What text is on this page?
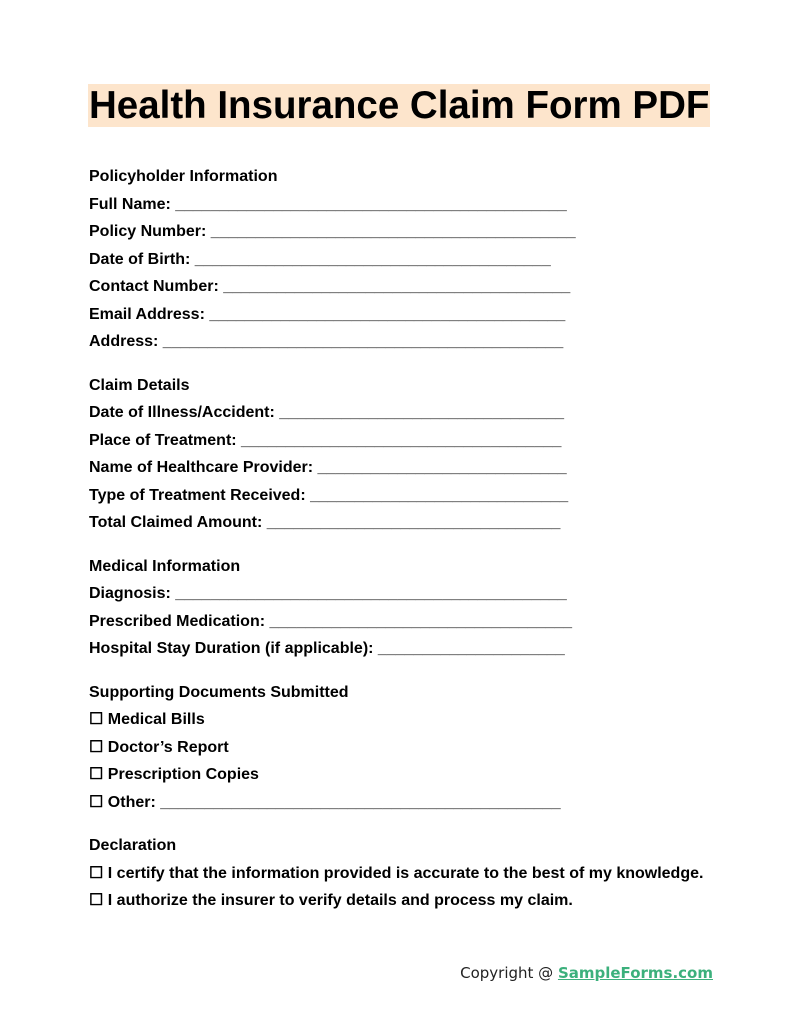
Health Insurance Claim Form PDF

Policyholder Information

Full Name: ____________________________________________

Policy Number: _________________________________________

Date of Birth: ________________________________________

Contact Number: _______________________________________

Email Address: ________________________________________

Address: _____________________________________________

Claim Details

Date of Illness/Accident: ________________________________

Place of Treatment: ____________________________________

Name of Healthcare Provider: ____________________________

Type of Treatment Received: _____________________________

Total Claimed Amount: _________________________________

Medical Information

Diagnosis: ____________________________________________

Prescribed Medication: __________________________________

Hospital Stay Duration (if applicable): _____________________

Supporting Documents Submitted

☐ Medical Bills

☐ Doctor’s Report

☐ Prescription Copies

☐ Other: _____________________________________________

Declaration

☐ I certify that the information provided is accurate to the best of my knowledge.

☐ I authorize the insurer to verify details and process my claim.

Copyright @ SampleForms.com
